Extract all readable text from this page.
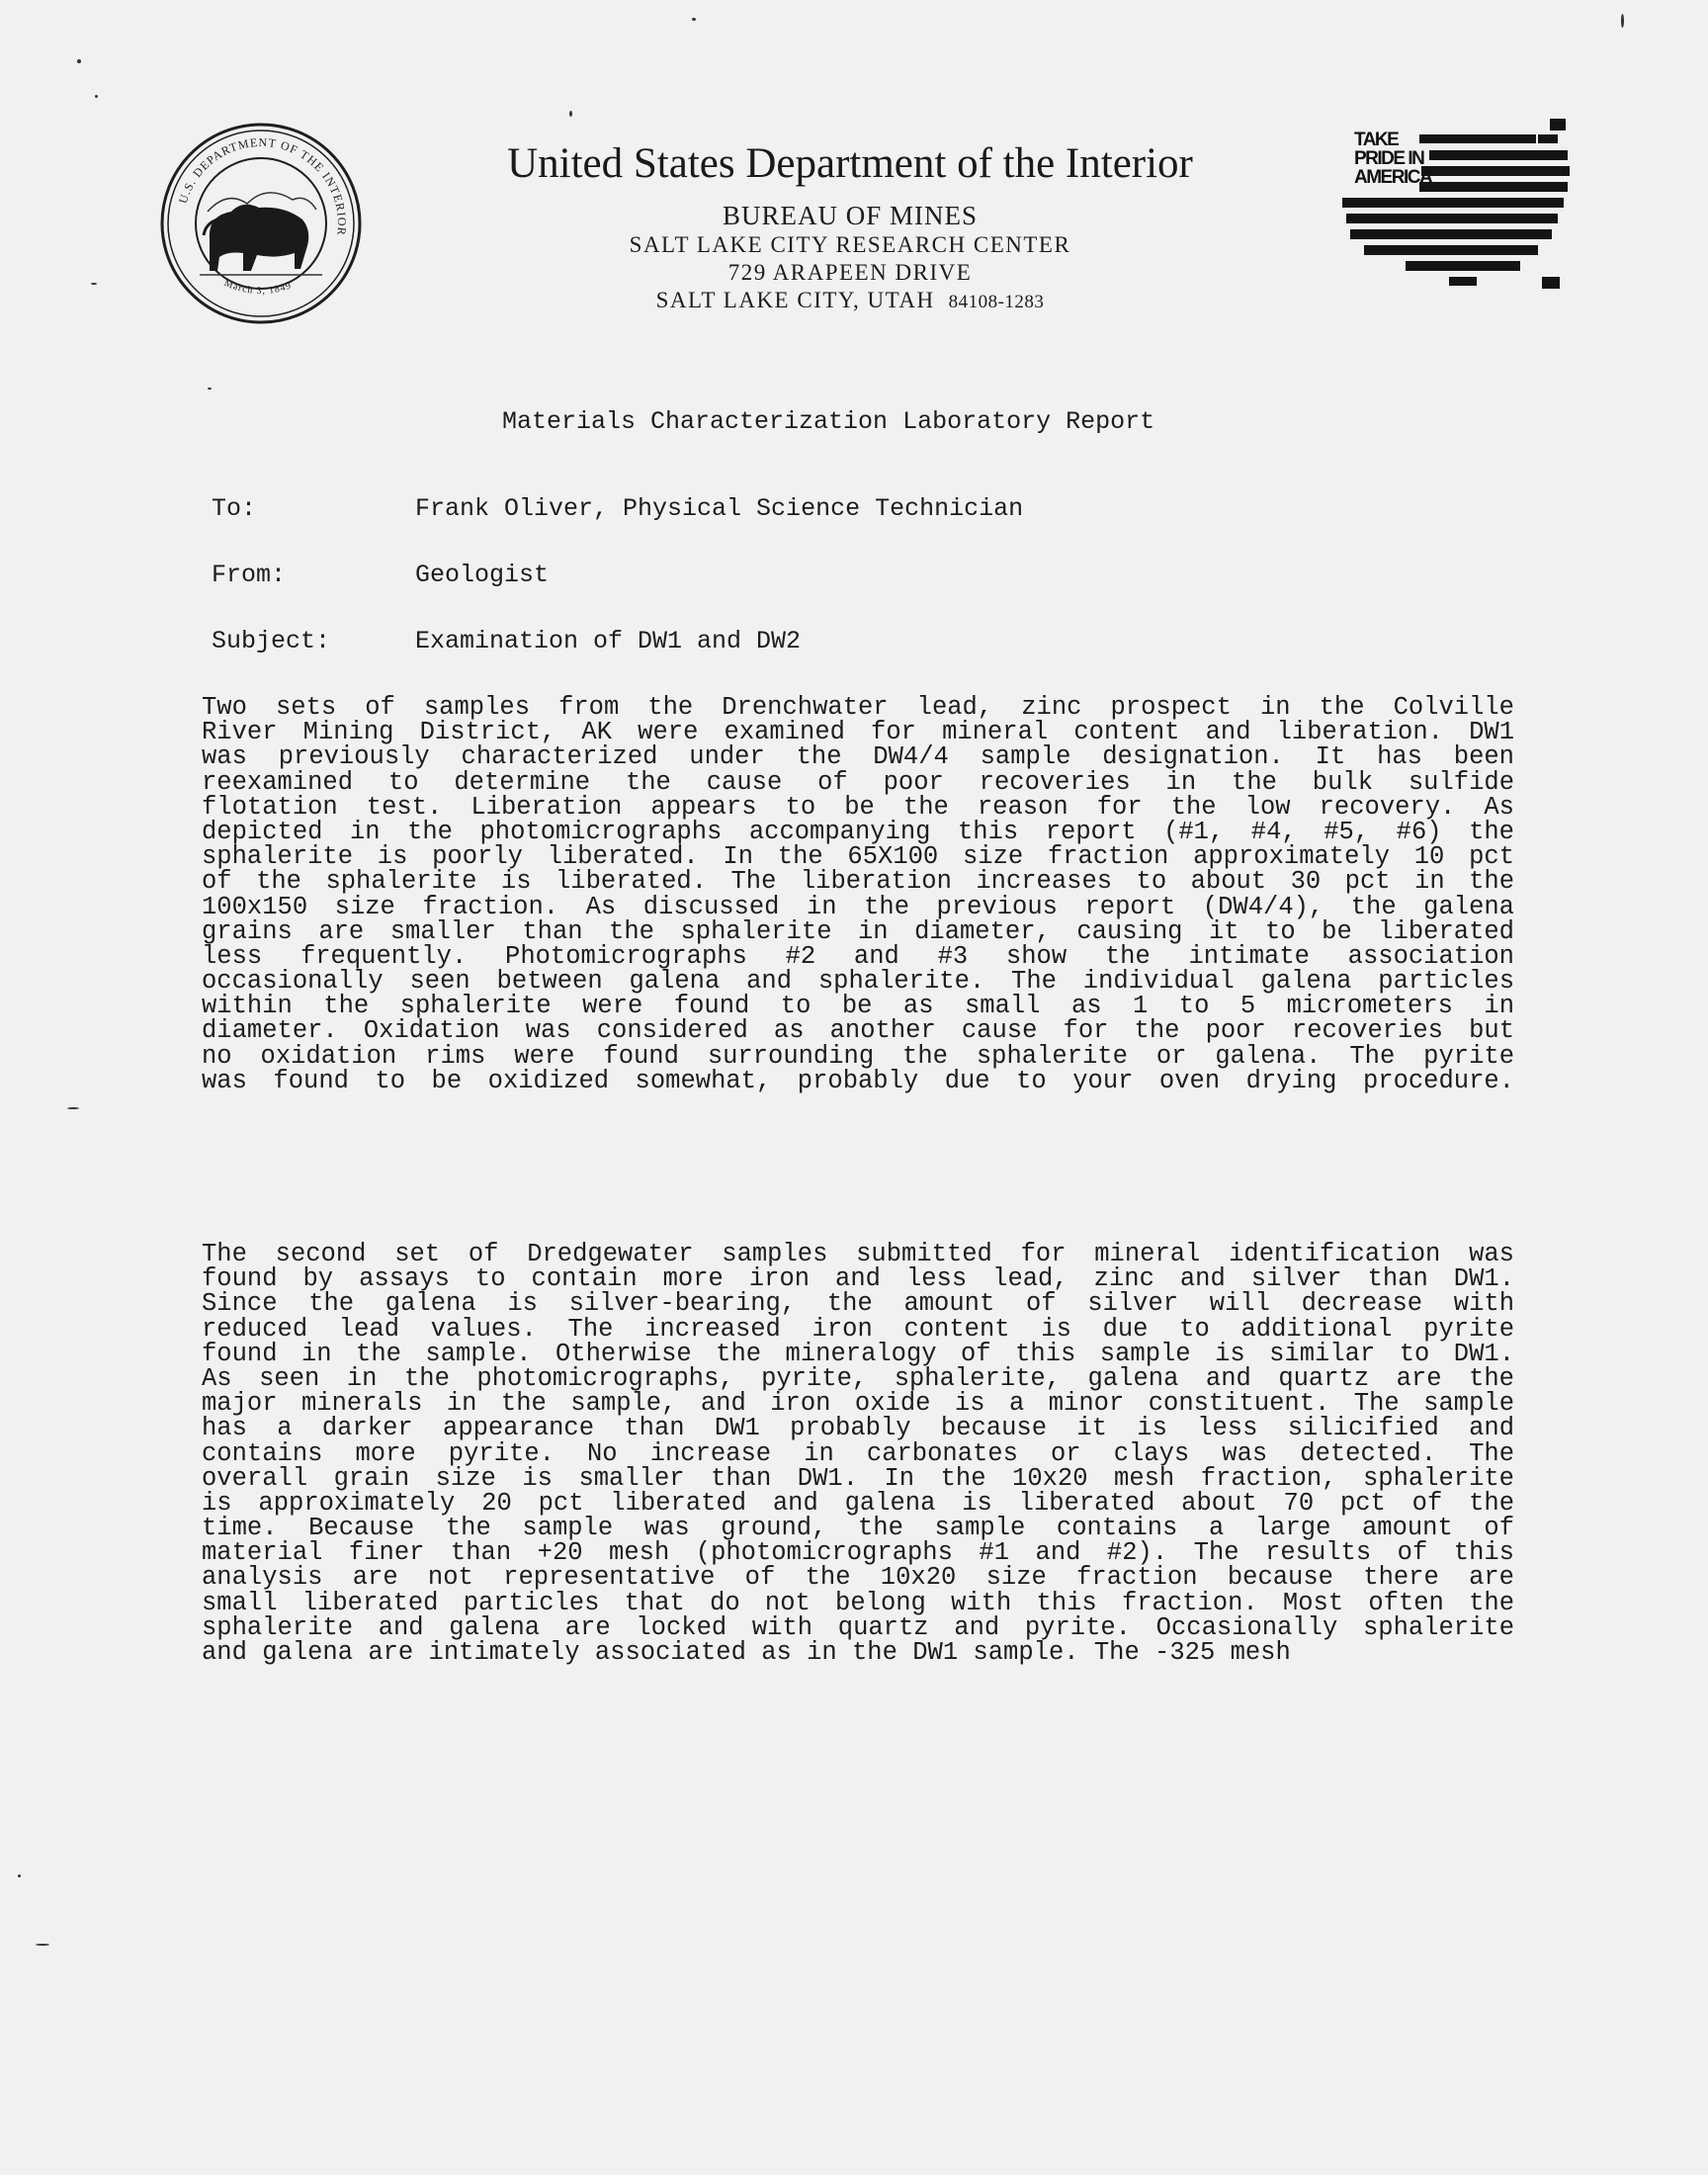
U.S. DEPARTMENT OF THE INTERIOR
March 3, 1849
United States Department of the Interior
BUREAU OF MINES
SALT LAKE CITY RESEARCH CENTER
729 ARAPEEN DRIVE
SALT LAKE CITY, UTAH 84108-1283
TAKE
PRIDE IN
AMERICA
Materials Characterization Laboratory Report
To:	Frank Oliver, Physical Science Technician
From:	Geologist
Subject:	Examination of DW1 and DW2
Two sets of samples from the Drenchwater lead, zinc prospect in the Colville
River Mining District, AK were examined for mineral content and liberation. DW1
was previously characterized under the DW4/4 sample designation. It has been
reexamined to determine the cause of poor recoveries in the bulk sulfide
flotation test. Liberation appears to be the reason for the low recovery. As
depicted in the photomicrographs accompanying this report (#1, #4, #5, #6) the
sphalerite is poorly liberated. In the 65X100 size fraction approximately 10 pct
of the sphalerite is liberated. The liberation increases to about 30 pct in the
100x150 size fraction. As discussed in the previous report (DW4/4), the galena
grains are smaller than the sphalerite in diameter, causing it to be liberated
less frequently. Photomicrographs #2 and #3 show the intimate association
occasionally seen between galena and sphalerite. The individual galena particles
within the sphalerite were found to be as small as 1 to 5 micrometers in
diameter. Oxidation was considered as another cause for the poor recoveries but
no oxidation rims were found surrounding the sphalerite or galena. The pyrite
was found to be oxidized somewhat, probably due to your oven drying procedure.
The second set of Dredgewater samples submitted for mineral identification was
found by assays to contain more iron and less lead, zinc and silver than DW1.
Since the galena is silver-bearing, the amount of silver will decrease with
reduced lead values. The increased iron content is due to additional pyrite
found in the sample. Otherwise the mineralogy of this sample is similar to DW1.
As seen in the photomicrographs, pyrite, sphalerite, galena and quartz are the
major minerals in the sample, and iron oxide is a minor constituent. The sample
has a darker appearance than DW1 probably because it is less silicified and
contains more pyrite. No increase in carbonates or clays was detected. The
overall grain size is smaller than DW1. In the 10x20 mesh fraction, sphalerite
is approximately 20 pct liberated and galena is liberated about 70 pct of the
time. Because the sample was ground, the sample contains a large amount of
material finer than +20 mesh (photomicrographs #1 and #2). The results of this
analysis are not representative of the 10x20 size fraction because there are
small liberated particles that do not belong with this fraction. Most often the
sphalerite and galena are locked with quartz and pyrite. Occasionally sphalerite
and galena are intimately associated as in the DW1 sample. The -325 mesh
